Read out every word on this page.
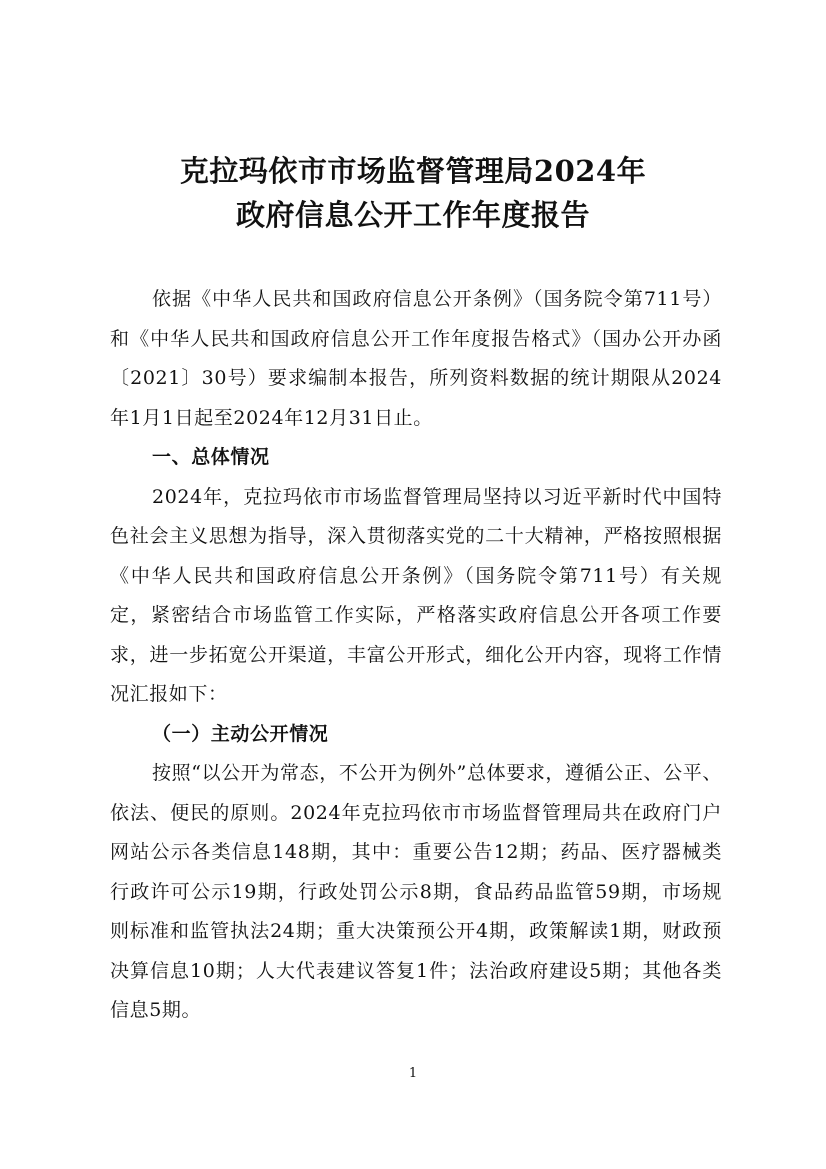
克拉玛依市市场监督管理局2024年
政府信息公开工作年度报告

依据《中华人民共和国政府信息公开条例》（国务院令第711号）和《中华人民共和国政府信息公开工作年度报告格式》（国办公开办函〔2021〕30号）要求编制本报告，所列资料数据的统计期限从2024年1月1日起至2024年12月31日止。

一、总体情况

2024年，克拉玛依市市场监督管理局坚持以习近平新时代中国特色社会主义思想为指导，深入贯彻落实党的二十大精神，严格按照根据《中华人民共和国政府信息公开条例》（国务院令第711号）有关规定，紧密结合市场监管工作实际，严格落实政府信息公开各项工作要求，进一步拓宽公开渠道，丰富公开形式，细化公开内容，现将工作情况汇报如下：

（一）主动公开情况

按照“以公开为常态，不公开为例外”总体要求，遵循公正、公平、依法、便民的原则。2024年克拉玛依市市场监督管理局共在政府门户网站公示各类信息148期，其中：重要公告12期；药品、医疗器械类行政许可公示19期，行政处罚公示8期，食品药品监管59期，市场规则标准和监管执法24期；重大决策预公开4期，政策解读1期，财政预决算信息10期；人大代表建议答复1件；法治政府建设5期；其他各类信息5期。

1
